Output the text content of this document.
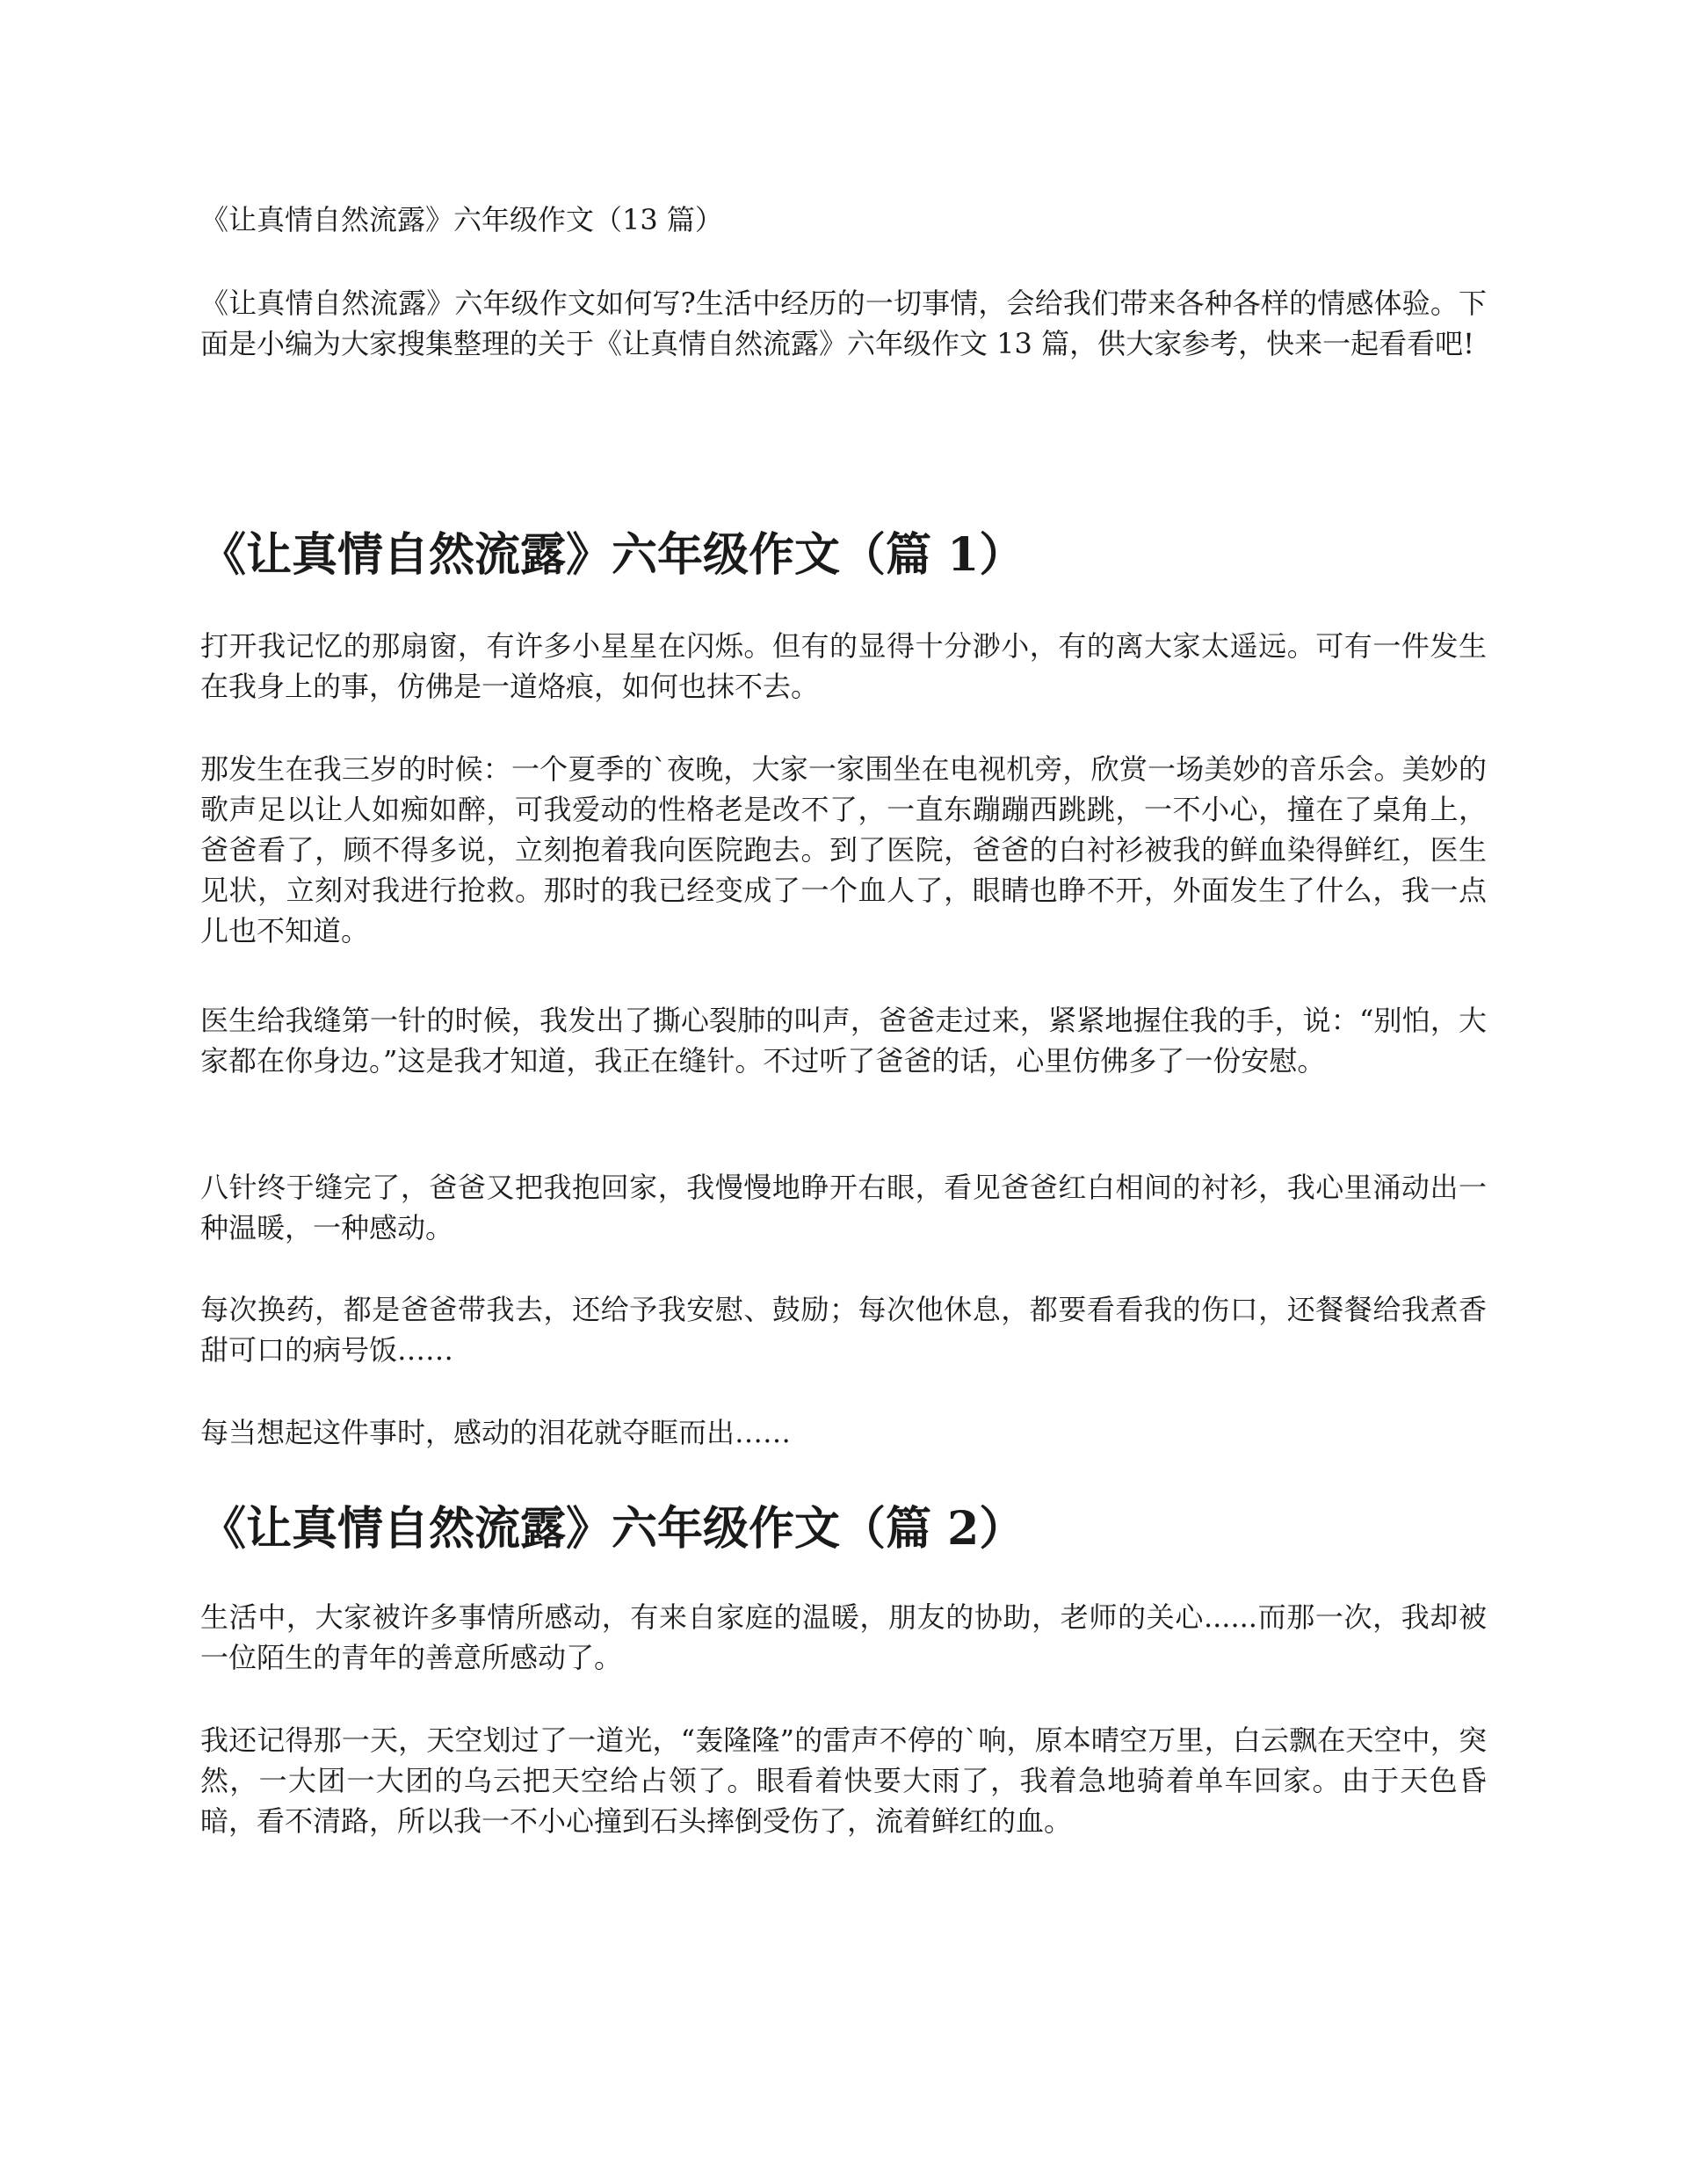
《让真情自然流露》六年级作文（13 篇）

《让真情自然流露》六年级作文如何写?生活中经历的一切事情，会给我们带来各种各样的情感体验。下面是小编为大家搜集整理的关于《让真情自然流露》六年级作文 13 篇，供大家参考，快来一起看看吧!

《让真情自然流露》六年级作文（篇 1）

打开我记忆的那扇窗，有许多小星星在闪烁。但有的显得十分渺小，有的离大家太遥远。可有一件发生在我身上的事，仿佛是一道烙痕，如何也抹不去。

那发生在我三岁的时候：一个夏季的`夜晚，大家一家围坐在电视机旁，欣赏一场美妙的音乐会。美妙的歌声足以让人如痴如醉，可我爱动的性格老是改不了，一直东蹦蹦西跳跳，一不小心，撞在了桌角上，爸爸看了，顾不得多说，立刻抱着我向医院跑去。到了医院，爸爸的白衬衫被我的鲜血染得鲜红，医生见状，立刻对我进行抢救。那时的我已经变成了一个血人了，眼睛也睁不开，外面发生了什么，我一点儿也不知道。

医生给我缝第一针的时候，我发出了撕心裂肺的叫声，爸爸走过来，紧紧地握住我的手，说：“别怕，大家都在你身边。”这是我才知道，我正在缝针。不过听了爸爸的话，心里仿佛多了一份安慰。

八针终于缝完了，爸爸又把我抱回家，我慢慢地睁开右眼，看见爸爸红白相间的衬衫，我心里涌动出一种温暖，一种感动。

每次换药，都是爸爸带我去，还给予我安慰、鼓励；每次他休息，都要看看我的伤口，还餐餐给我煮香甜可口的病号饭……

每当想起这件事时，感动的泪花就夺眶而出……

《让真情自然流露》六年级作文（篇 2）

生活中，大家被许多事情所感动，有来自家庭的温暖，朋友的协助，老师的关心......而那一次，我却被一位陌生的青年的善意所感动了。

我还记得那一天，天空划过了一道光，“轰隆隆”的雷声不停的`响，原本晴空万里，白云飘在天空中，突然，一大团一大团的乌云把天空给占领了。眼看着快要大雨了，我着急地骑着单车回家。由于天色昏暗，看不清路，所以我一不小心撞到石头摔倒受伤了，流着鲜红的血。
